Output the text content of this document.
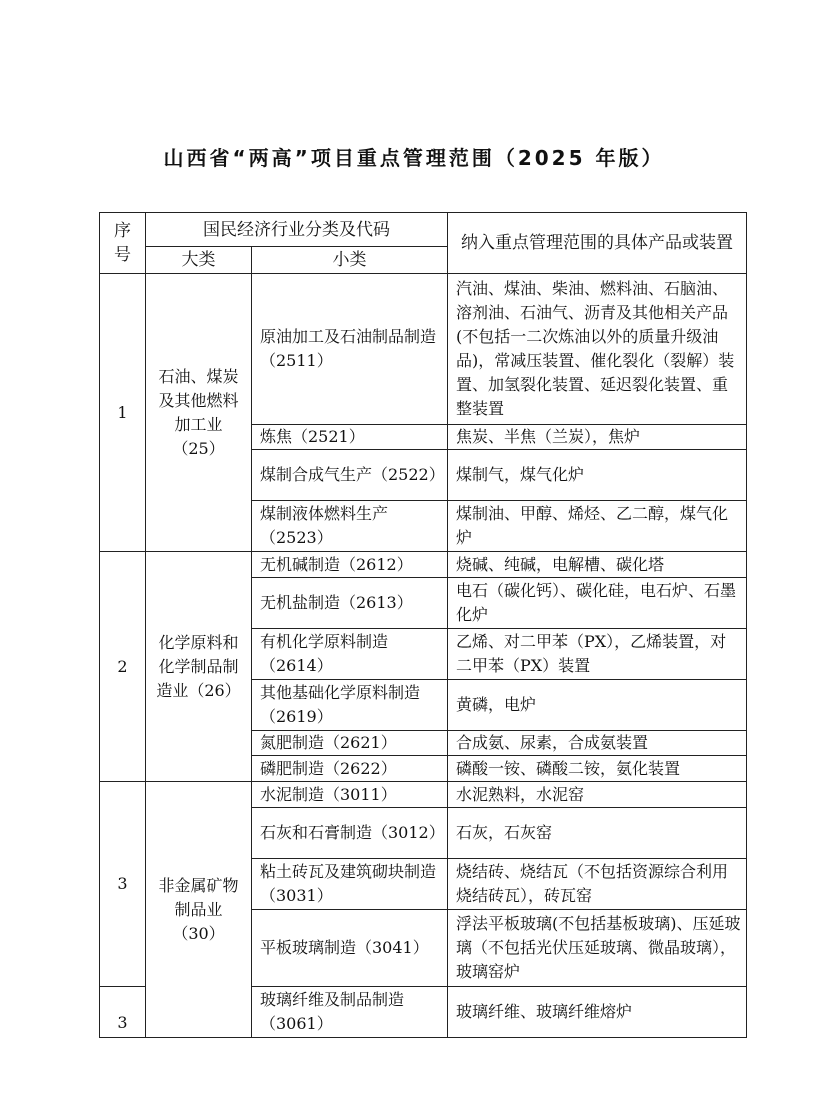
山西省“两高”项目重点管理范围（2025 年版）
序号	国民经济行业分类及代码		纳入重点管理范围的具体产品或装置
	大类	小类	
1	石油、煤炭及其他燃料加工业（25）	原油加工及石油制品制造（2511）	汽油、煤油、柴油、燃料油、石脑油、溶剂油、石油气、沥青及其他相关产品(不包括一二次炼油以外的质量升级油品)，常减压装置、催化裂化（裂解）装置、加氢裂化装置、延迟裂化装置、重整装置
		炼焦（2521）	焦炭、半焦（兰炭），焦炉
		煤制合成气生产（2522）	煤制气，煤气化炉
		煤制液体燃料生产（2523）	煤制油、甲醇、烯烃、乙二醇，煤气化炉
2	化学原料和化学制品制造业（26）	无机碱制造（2612）	烧碱、纯碱，电解槽、碳化塔
		无机盐制造（2613）	电石（碳化钙）、碳化硅，电石炉、石墨化炉
		有机化学原料制造（2614）	乙烯、对二甲苯（PX），乙烯装置，对二甲苯（PX）装置
		其他基础化学原料制造（2619）	黄磷，电炉
		氮肥制造（2621）	合成氨、尿素，合成氨装置
		磷肥制造（2622）	磷酸一铵、磷酸二铵，氨化装置
3	非金属矿物制品业（30）	水泥制造（3011）	水泥熟料，水泥窑
		石灰和石膏制造（3012）	石灰，石灰窑
		粘土砖瓦及建筑砌块制造（3031）	烧结砖、烧结瓦（不包括资源综合利用烧结砖瓦），砖瓦窑
		平板玻璃制造（3041）	浮法平板玻璃(不包括基板玻璃)、压延玻璃（不包括光伏压延玻璃、微晶玻璃），玻璃窑炉
3		玻璃纤维及制品制造（3061）	玻璃纤维、玻璃纤维熔炉
